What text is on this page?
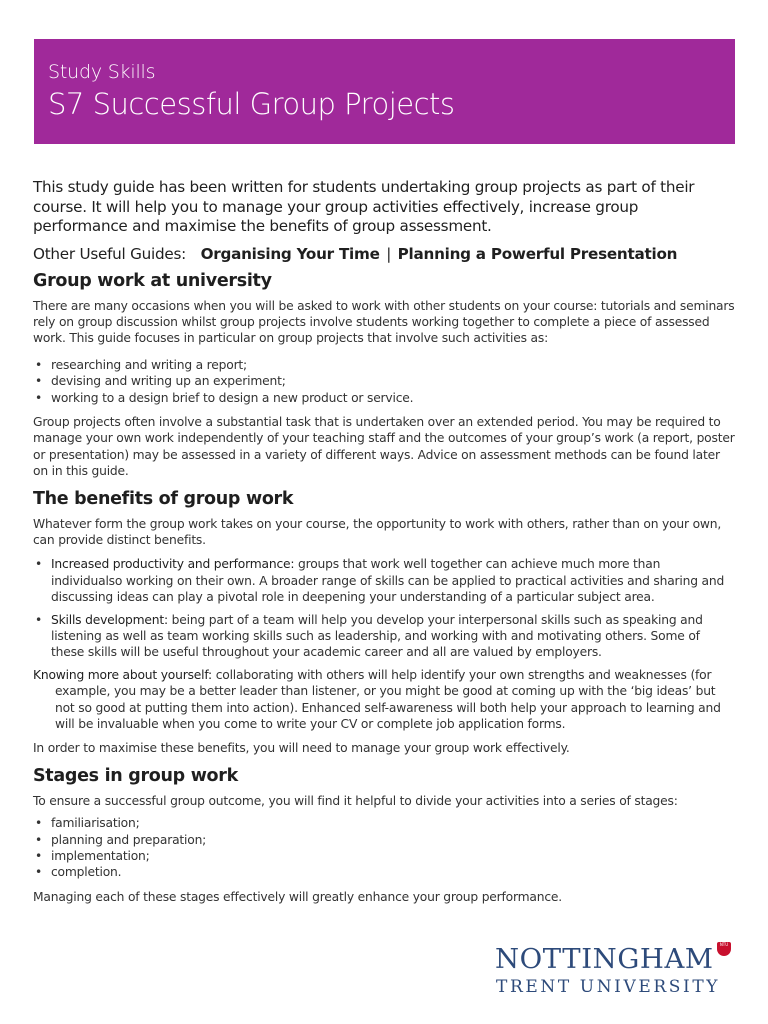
Study Skills
S7 Successful Group Projects

This study guide has been written for students undertaking group projects as part of their course. It will help you to manage your group activities effectively, increase group performance and maximise the benefits of group assessment.

Other Useful Guides: Organising Your Time | Planning a Powerful Presentation

Group work at university

There are many occasions when you will be asked to work with other students on your course: tutorials and seminars rely on group discussion whilst group projects involve students working together to complete a piece of assessed work. This guide focuses in particular on group projects that involve such activities as:

• researching and writing a report;
• devising and writing up an experiment;
• working to a design brief to design a new product or service.

Group projects often involve a substantial task that is undertaken over an extended period. You may be required to manage your own work independently of your teaching staff and the outcomes of your group’s work (a report, poster or presentation) may be assessed in a variety of different ways. Advice on assessment methods can be found later on in this guide.

The benefits of group work

Whatever form the group work takes on your course, the opportunity to work with others, rather than on your own, can provide distinct benefits.

• Increased productivity and performance: groups that work well together can achieve much more than individualso working on their own. A broader range of skills can be applied to practical activities and sharing and discussing ideas can play a pivotal role in deepening your understanding of a particular subject area.
• Skills development: being part of a team will help you develop your interpersonal skills such as speaking and listening as well as team working skills such as leadership, and working with and motivating others. Some of these skills will be useful throughout your academic career and all are valued by employers.

Knowing more about yourself: collaborating with others will help identify your own strengths and weaknesses (for example, you may be a better leader than listener, or you might be good at coming up with the ‘big ideas’ but not so good at putting them into action). Enhanced self-awareness will both help your approach to learning and will be invaluable when you come to write your CV or complete job application forms.

In order to maximise these benefits, you will need to manage your group work effectively.

Stages in group work

To ensure a successful group outcome, you will find it helpful to divide your activities into a series of stages:

• familiarisation;
• planning and preparation;
• implementation;
• completion.

Managing each of these stages effectively will greatly enhance your group performance.

NOTTINGHAM
TRENT UNIVERSITY
NTU
